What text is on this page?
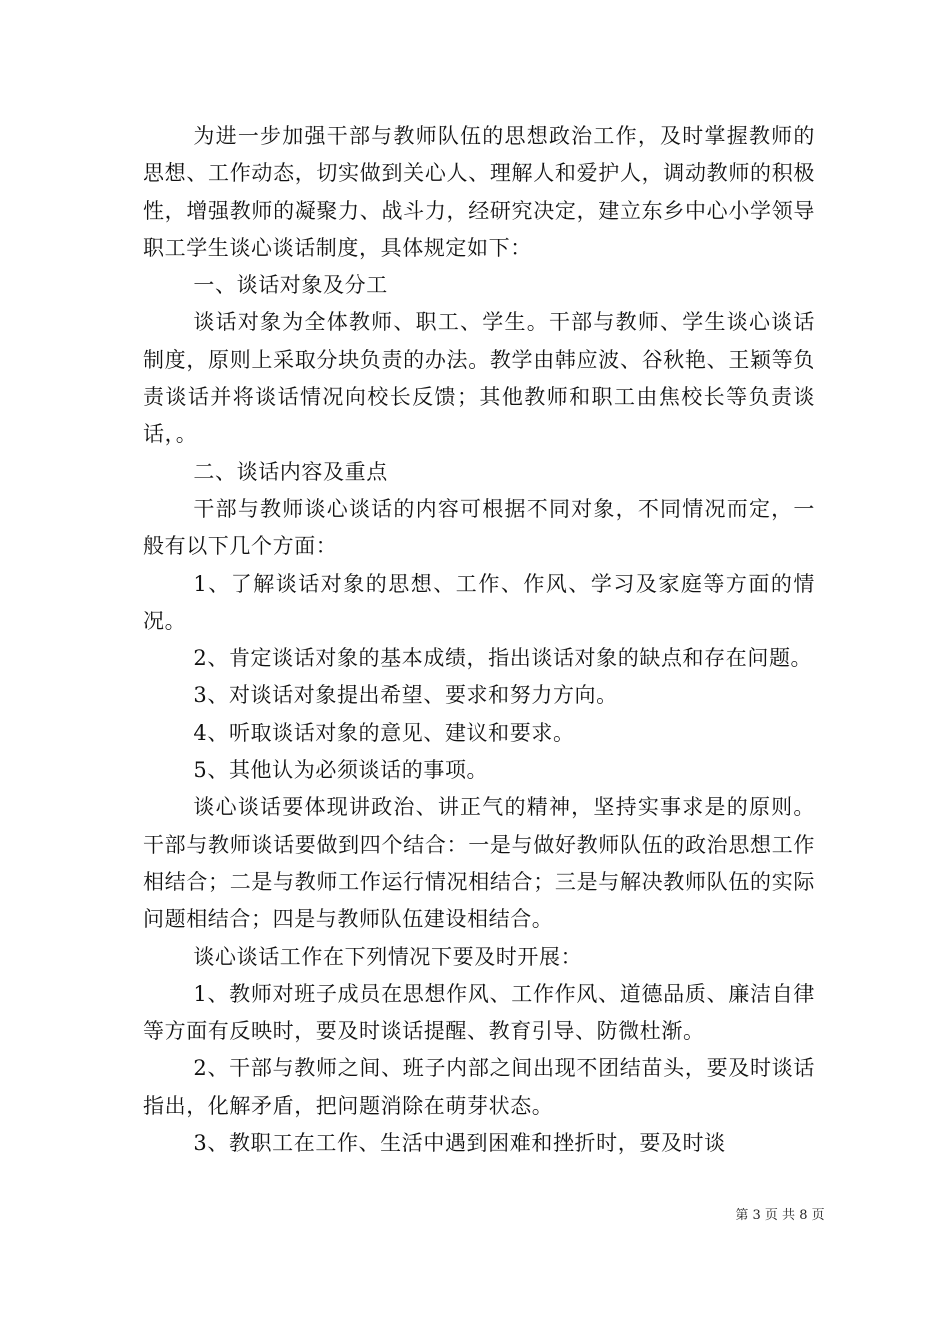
为进一步加强干部与教师队伍的思想政治工作，及时掌握教师的思想、工作动态，切实做到关心人、理解人和爱护人，调动教师的积极性，增强教师的凝聚力、战斗力，经研究决定，建立东乡中心小学领导职工学生谈心谈话制度，具体规定如下：

一、谈话对象及分工

谈话对象为全体教师、职工、学生。干部与教师、学生谈心谈话制度，原则上采取分块负责的办法。教学由韩应波、谷秋艳、王颖等负责谈话并将谈话情况向校长反馈；其他教师和职工由焦校长等负责谈话，。

二、谈话内容及重点

干部与教师谈心谈话的内容可根据不同对象，不同情况而定，一般有以下几个方面：

1、了解谈话对象的思想、工作、作风、学习及家庭等方面的情况。

2、肯定谈话对象的基本成绩，指出谈话对象的缺点和存在问题。

3、对谈话对象提出希望、要求和努力方向。

4、听取谈话对象的意见、建议和要求。

5、其他认为必须谈话的事项。

谈心谈话要体现讲政治、讲正气的精神，坚持实事求是的原则。干部与教师谈话要做到四个结合：一是与做好教师队伍的政治思想工作相结合；二是与教师工作运行情况相结合；三是与解决教师队伍的实际问题相结合；四是与教师队伍建设相结合。

谈心谈话工作在下列情况下要及时开展：

1、教师对班子成员在思想作风、工作作风、道德品质、廉洁自律等方面有反映时，要及时谈话提醒、教育引导、防微杜渐。

2、干部与教师之间、班子内部之间出现不团结苗头，要及时谈话指出，化解矛盾，把问题消除在萌芽状态。

3、教职工在工作、生活中遇到困难和挫折时，要及时谈

第 3 页 共 8 页
